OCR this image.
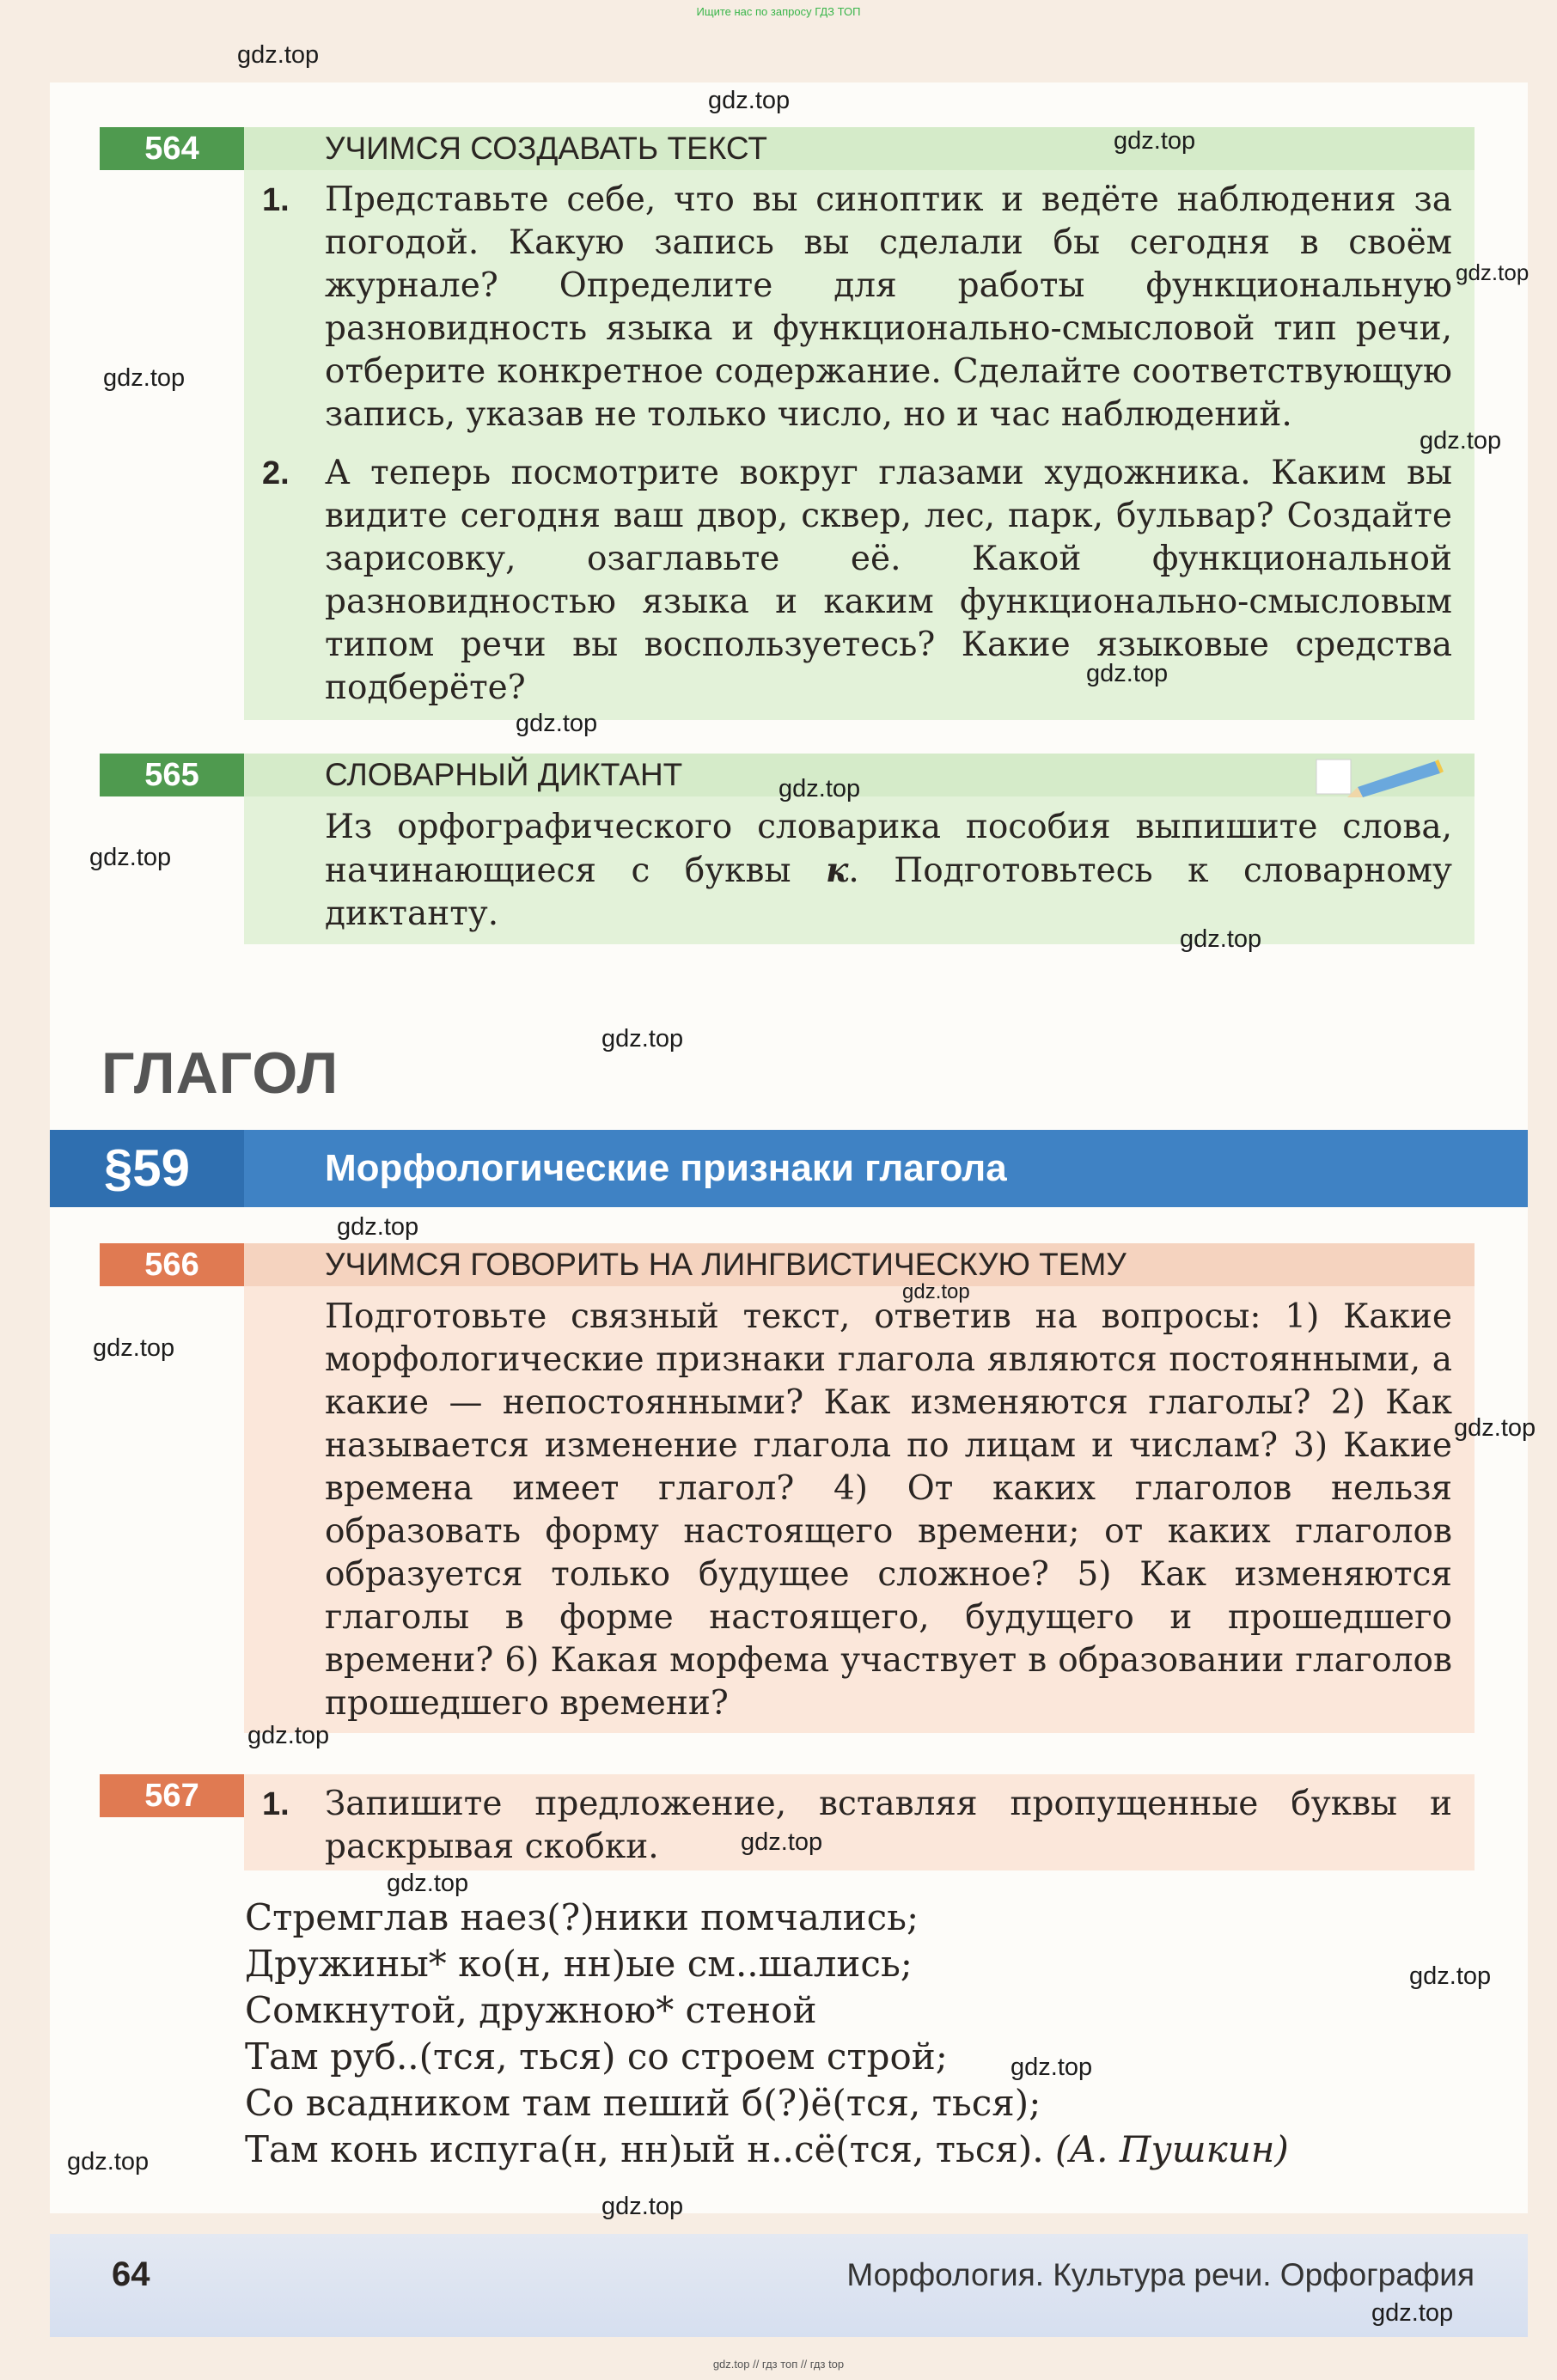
Ищите нас по запросу ГДЗ ТОП
564	УЧИМСЯ СОЗДАВАТЬ ТЕКСТ
1. Представьте себе, что вы синоптик и ведёте наблюдения за погодой. Какую запись вы сделали бы сегодня в своём журнале? Определите для работы функциональную разновидность языка и функционально-смысловой тип речи, отберите конкретное содержание. Сделайте соответствующую запись, указав не только число, но и час наблюдений.

2. А теперь посмотрите вокруг глазами художника. Каким вы видите сегодня ваш двор, сквер, лес, парк, бульвар? Создайте зарисовку, озаглавьте её. Какой функциональной разновидностью языка и каким функционально-смысловым типом речи вы воспользуетесь? Какие языковые средства подберёте?

565	СЛОВАРНЫЙ ДИКТАНТ

Из орфографического словарика пособия выпишите слова, начинающиеся с буквы к. Подготовьтесь к словарному диктанту.

ГЛАГОЛ
§59	Морфологические признаки глагола
566	УЧИМСЯ ГОВОРИТЬ НА ЛИНГВИСТИЧЕСКУЮ ТЕМУ

Подготовьте связный текст, ответив на вопросы: 1) Какие морфологические признаки глагола являются постоянными, а какие — непостоянными? Как изменяются глаголы? 2) Как называется изменение глагола по лицам и числам? 3) Какие времена имеет глагол? 4) От каких глаголов нельзя образовать форму настоящего времени; от каких глаголов образуется только будущее сложное? 5) Как изменяются глаголы в форме настоящего, будущего и прошедшего времени? 6) Какая морфема участвует в образовании глаголов прошедшего времени?

567	1. Запишите предложение, вставляя пропущенные буквы и раскрывая скобки.

Стремглав наез(?)ники помчались;
Дружины* ко(н, нн)ые см..шались;
Сомкнутой, дружною* стеной
Там руб..(тся, ться) со строем строй;
Со всадником там пеший б(?)ё(тся, ться);
Там конь испуга(н, нн)ый н..сё(тся, ться). (А. Пушкин)
64	Морфология. Культура речи. Орфография
gdz.top // гдз топ // гдз top
gdz.top
gdz.top
gdz.top
gdz.top
gdz.top
gdz.top
gdz.top
gdz.top
gdz.top
gdz.top
gdz.top
gdz.top
gdz.top
gdz.top
gdz.top
gdz.top
gdz.top
gdz.top
gdz.top
gdz.top
gdz.top
gdz.top
gdz.top
gdz.top
